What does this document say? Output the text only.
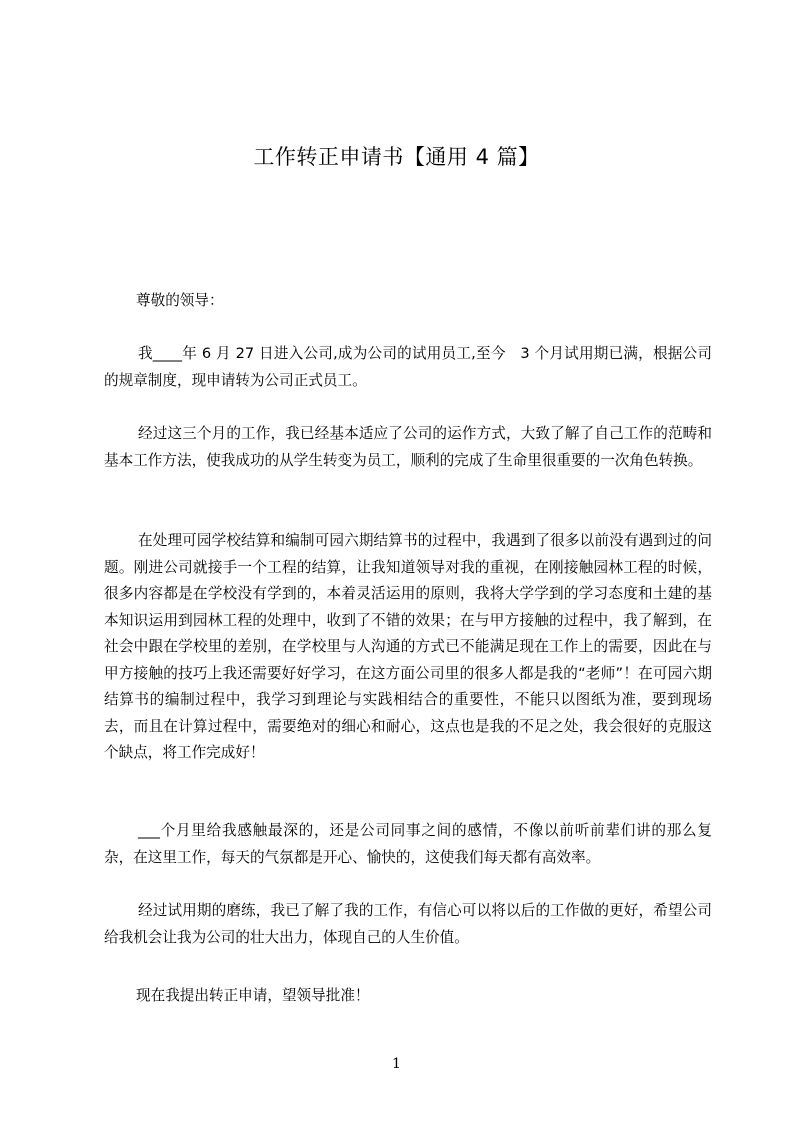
工作转正申请书【通用 4 篇】
尊敬的领导：
我____年 6 月 27 日进入公司,成为公司的试用员工,至今　3 个月试用期已满，根据公司的规章制度，现申请转为公司正式员工。
经过这三个月的工作，我已经基本适应了公司的运作方式，大致了解了自己工作的范畴和基本工作方法，使我成功的从学生转变为员工，顺利的完成了生命里很重要的一次角色转换。
在处理可园学校结算和编制可园六期结算书的过程中，我遇到了很多以前没有遇到过的问题。刚进公司就接手一个工程的结算，让我知道领导对我的重视，在刚接触园林工程的时候，很多内容都是在学校没有学到的，本着灵活运用的原则，我将大学学到的学习态度和土建的基本知识运用到园林工程的处理中，收到了不错的效果；在与甲方接触的过程中，我了解到，在社会中跟在学校里的差别，在学校里与人沟通的方式已不能满足现在工作上的需要，因此在与甲方接触的技巧上我还需要好好学习，在这方面公司里的很多人都是我的“老师”！在可园六期结算书的编制过程中，我学习到理论与实践相结合的重要性，不能只以图纸为准，要到现场去，而且在计算过程中，需要绝对的细心和耐心，这点也是我的不足之处，我会很好的克服这个缺点，将工作完成好！
___个月里给我感触最深的，还是公司同事之间的感情，不像以前听前辈们讲的那么复杂，在这里工作，每天的气氛都是开心、愉快的，这使我们每天都有高效率。
经过试用期的磨练，我已了解了我的工作，有信心可以将以后的工作做的更好，希望公司给我机会让我为公司的壮大出力，体现自己的人生价值。
现在我提出转正申请，望领导批准！
1
